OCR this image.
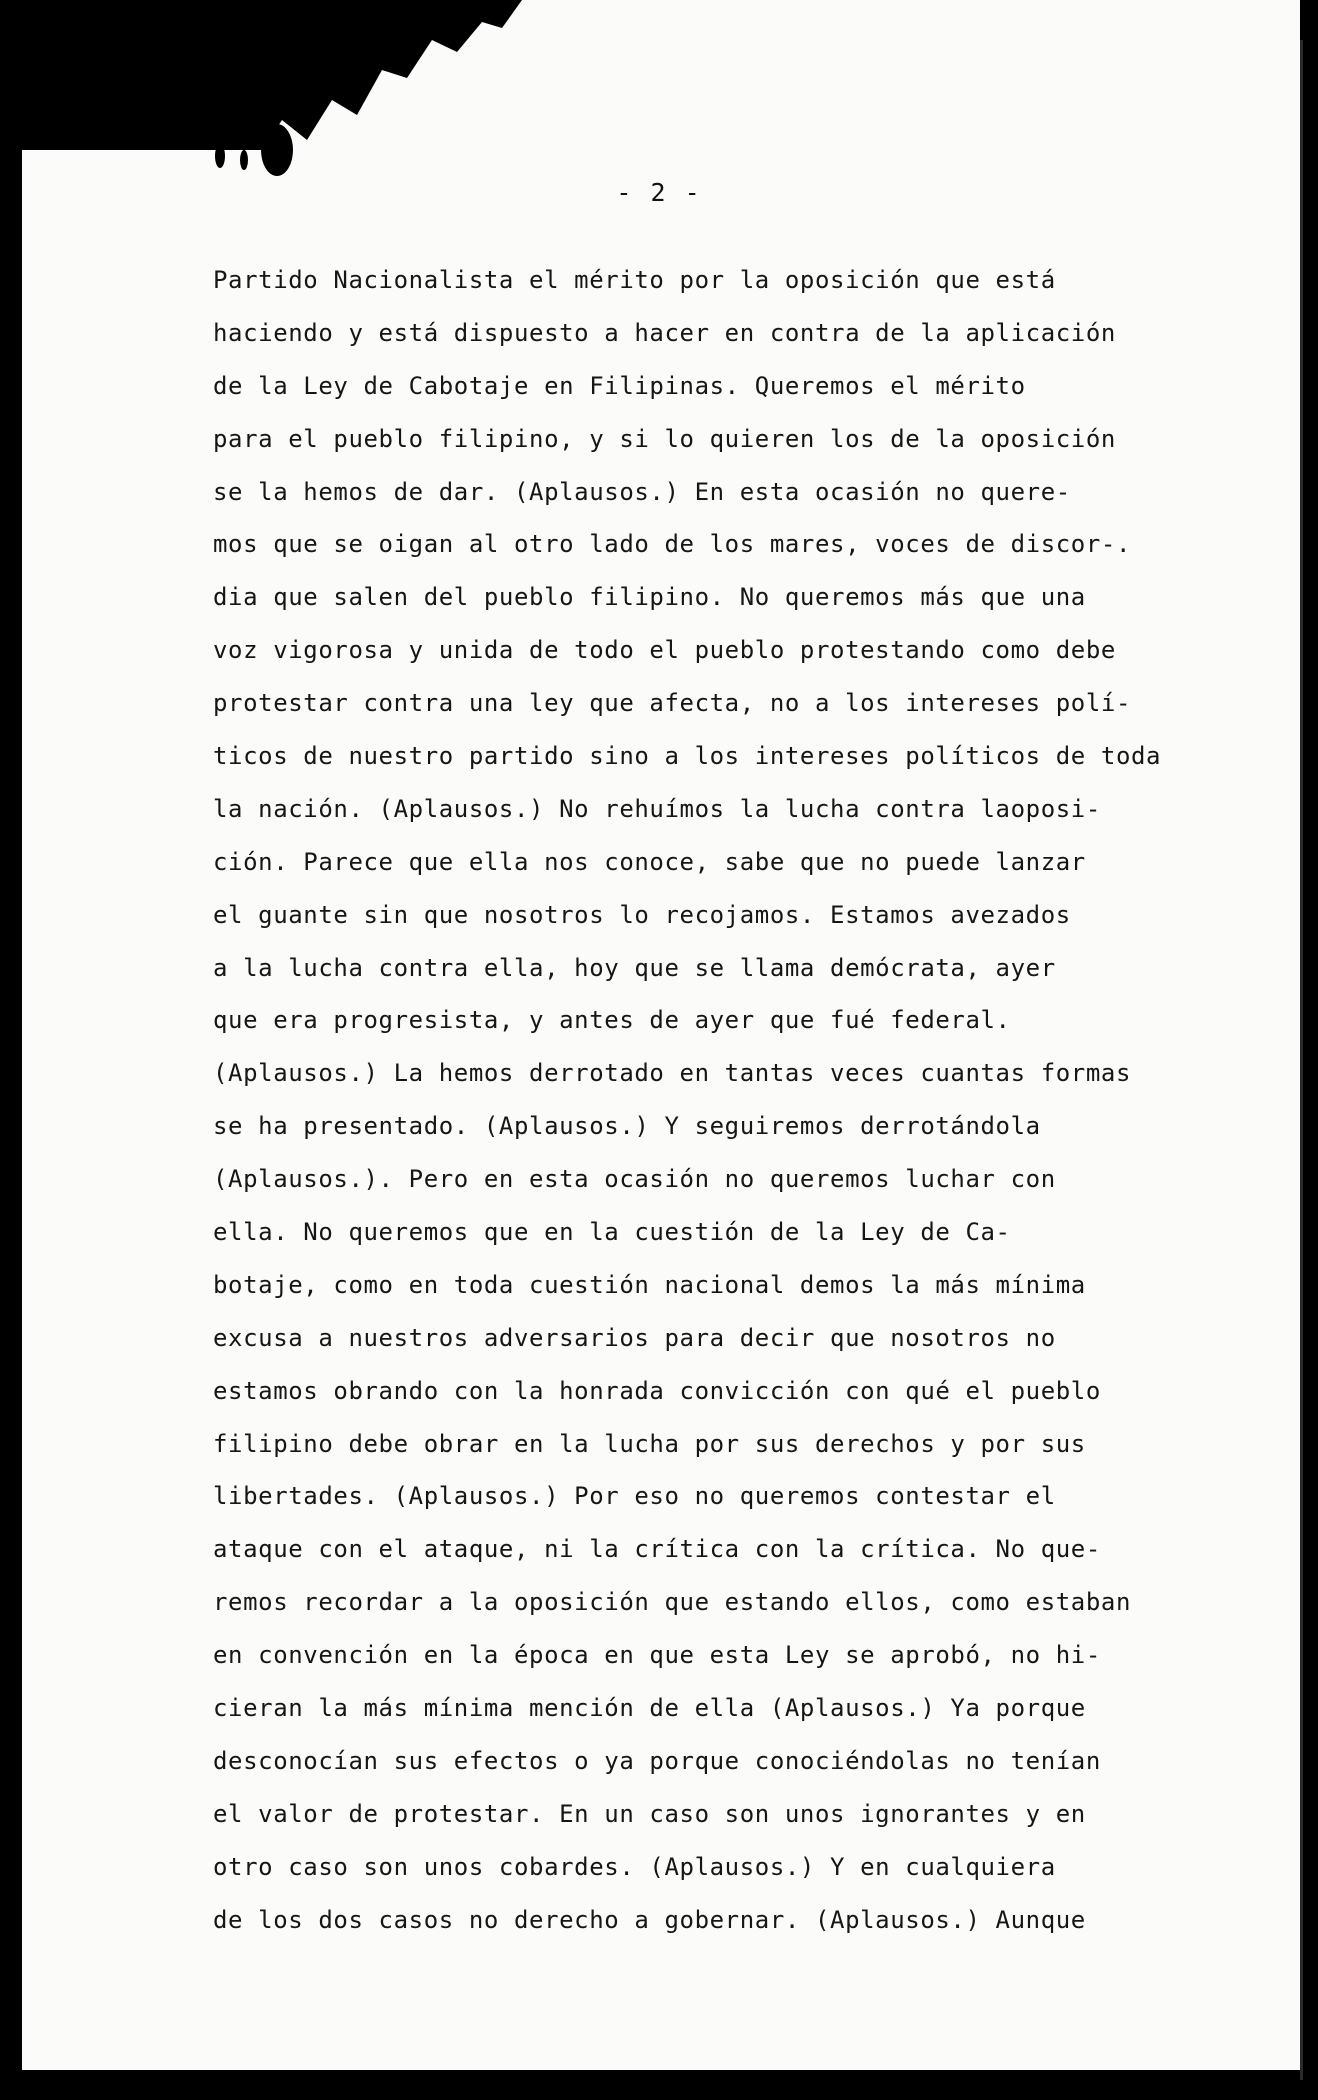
- 2 -
Partido Nacionalista el mérito por la oposición que está
haciendo y está dispuesto a hacer en contra de la aplicación
de la Ley de Cabotaje en Filipinas. Queremos el mérito
para el pueblo filipino, y si lo quieren los de la oposición
se la hemos de dar. (Aplausos.) En esta ocasión no quere-
mos que se oigan al otro lado de los mares, voces de discor-.
dia que salen del pueblo filipino. No queremos más que una
voz vigorosa y unida de todo el pueblo protestando como debe
protestar contra una ley que afecta, no a los intereses polí-
ticos de nuestro partido sino a los intereses políticos de toda
la nación. (Aplausos.) No rehuímos la lucha contra laoposi-
ción. Parece que ella nos conoce, sabe que no puede lanzar
el guante sin que nosotros lo recojamos. Estamos avezados
a la lucha contra ella, hoy que se llama demócrata, ayer
que era progresista, y antes de ayer que fué federal.
(Aplausos.) La hemos derrotado en tantas veces cuantas formas
se ha presentado. (Aplausos.) Y seguiremos derrotándola
(Aplausos.). Pero en esta ocasión no queremos luchar con
ella. No queremos que en la cuestión de la Ley de Ca-
botaje, como en toda cuestión nacional demos la más mínima
excusa a nuestros adversarios para decir que nosotros no
estamos obrando con la honrada convicción con qué el pueblo
filipino debe obrar en la lucha por sus derechos y por sus
libertades. (Aplausos.) Por eso no queremos contestar el
ataque con el ataque, ni la crítica con la crítica. No que-
remos recordar a la oposición que estando ellos, como estaban
en convención en la época en que esta Ley se aprobó, no hi-
cieran la más mínima mención de ella (Aplausos.) Ya porque
desconocían sus efectos o ya porque conociéndolas no tenían
el valor de protestar. En un caso son unos ignorantes y en
otro caso son unos cobardes. (Aplausos.) Y en cualquiera
de los dos casos no derecho a gobernar. (Aplausos.) Aunque
